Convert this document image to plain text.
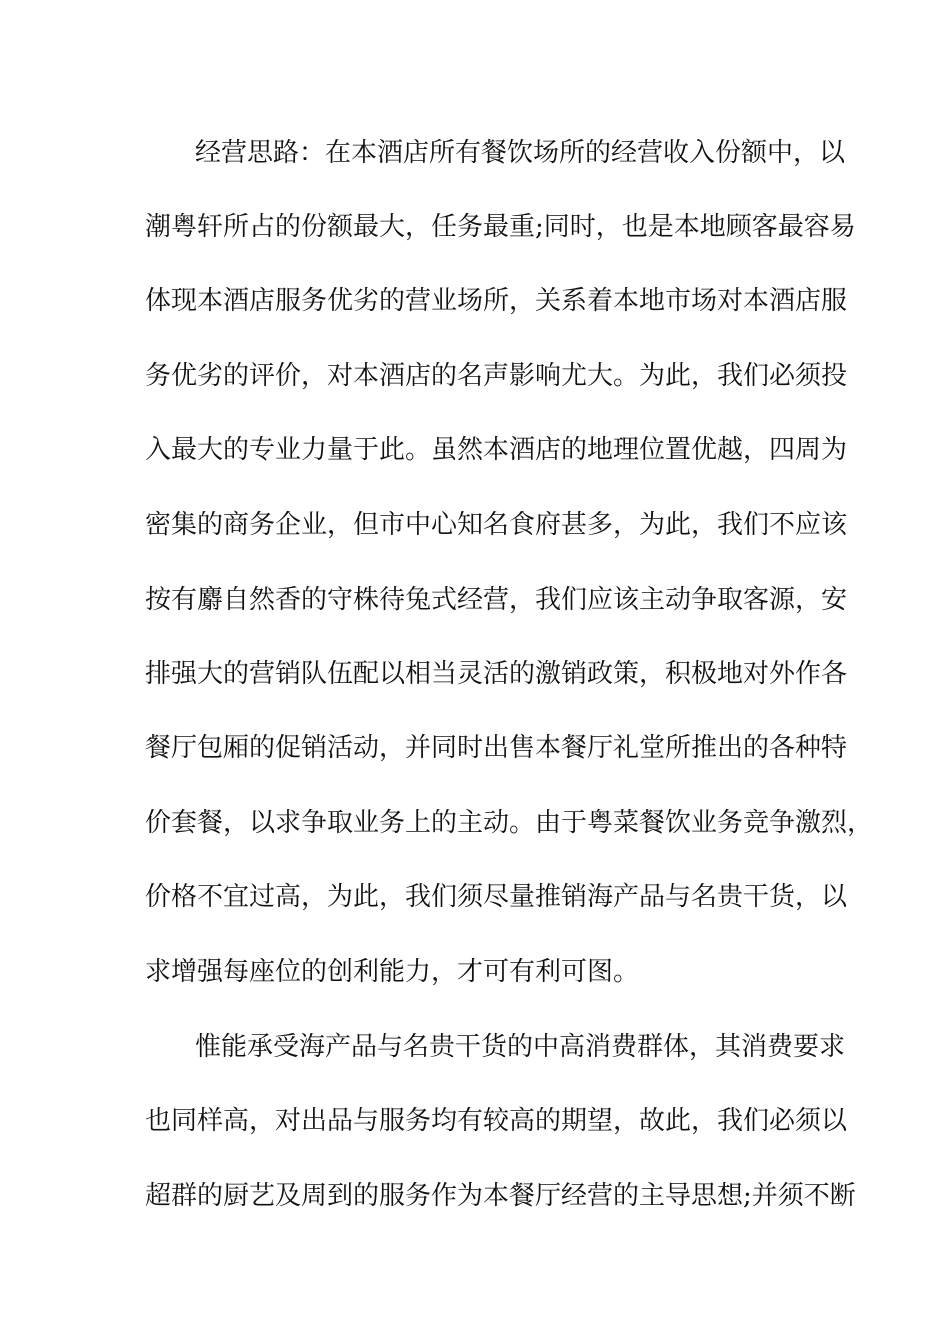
经营思路：在本酒店所有餐饮场所的经营收入份额中，以
潮粤轩所占的份额最大，任务最重;同时，也是本地顾客最容易
体现本酒店服务优劣的营业场所，关系着本地市场对本酒店服
务优劣的评价，对本酒店的名声影响尤大。为此，我们必须投
入最大的专业力量于此。虽然本酒店的地理位置优越，四周为
密集的商务企业，但市中心知名食府甚多，为此，我们不应该
按有麝自然香的守株待兔式经营，我们应该主动争取客源，安
排强大的营销队伍配以相当灵活的激销政策，积极地对外作各
餐厅包厢的促销活动，并同时出售本餐厅礼堂所推出的各种特
价套餐，以求争取业务上的主动。由于粤菜餐饮业务竞争激烈，
价格不宜过高，为此，我们须尽量推销海产品与名贵干货，以
求增强每座位的创利能力，才可有利可图。
惟能承受海产品与名贵干货的中高消费群体，其消费要求
也同样高，对出品与服务均有较高的期望，故此，我们必须以
超群的厨艺及周到的服务作为本餐厅经营的主导思想;并须不断
